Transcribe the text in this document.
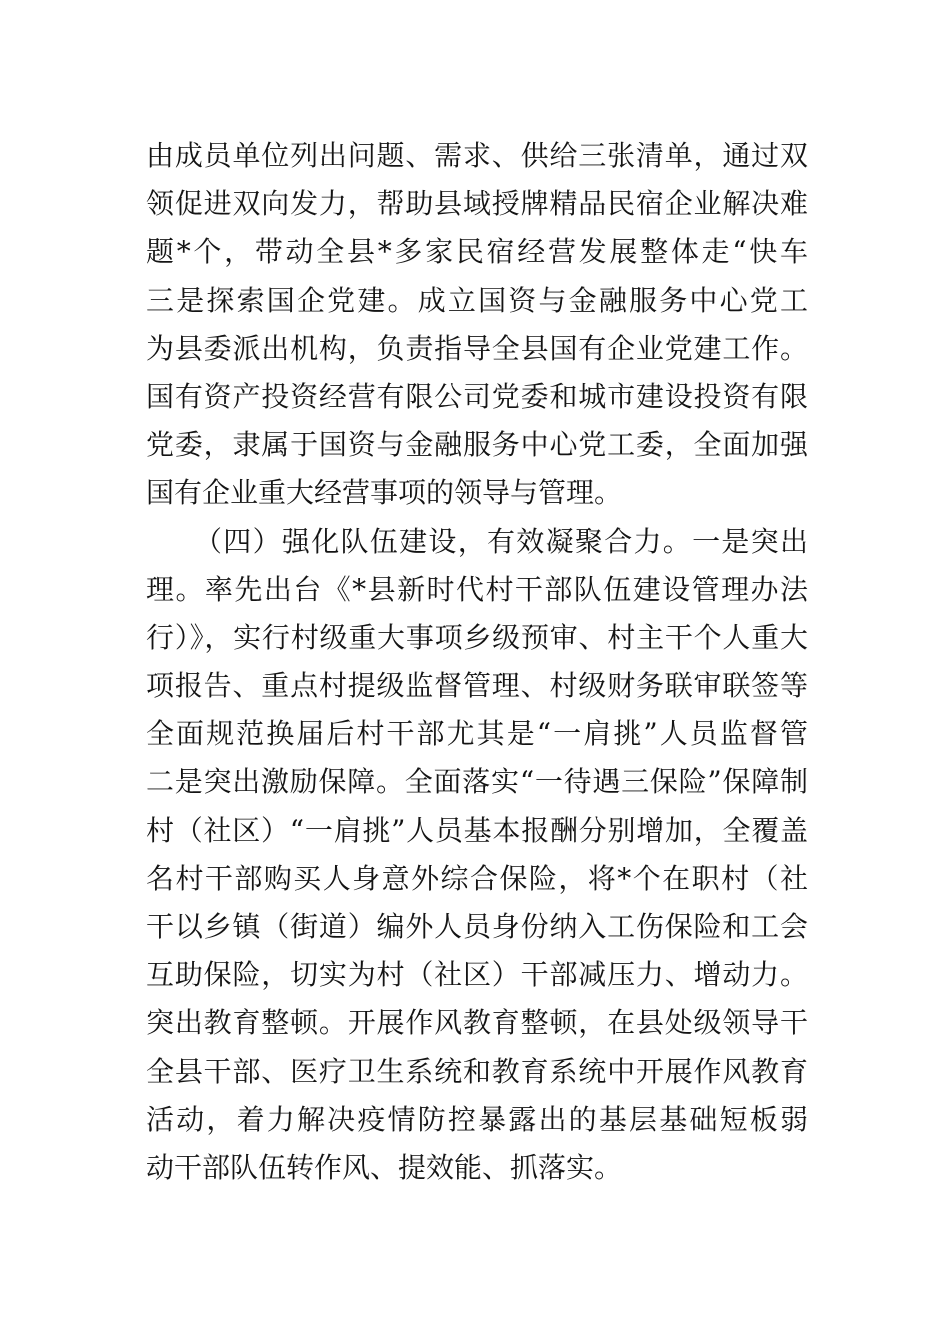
由成员单位列出问题、需求、供给三张清单，通过双
领促进双向发力，帮助县域授牌精品民宿企业解决难
题*个，带动全县*多家民宿经营发展整体走“快车
三是探索国企党建。成立国资与金融服务中心党工
为县委派出机构，负责指导全县国有企业党建工作。
国有资产投资经营有限公司党委和城市建设投资有限
党委，隶属于国资与金融服务中心党工委，全面加强
国有企业重大经营事项的领导与管理。
（四）强化队伍建设，有效凝聚合力。一是突出
理。率先出台《*县新时代村干部队伍建设管理办法
行）》，实行村级重大事项乡级预审、村主干个人重大
项报告、重点村提级监督管理、村级财务联审联签等
全面规范换届后村干部尤其是“一肩挑”人员监督管
二是突出激励保障。全面落实“一待遇三保险”保障制
村（社区）“一肩挑”人员基本报酬分别增加，全覆盖
名村干部购买人身意外综合保险，将*个在职村（社
干以乡镇（街道）编外人员身份纳入工伤保险和工会
互助保险，切实为村（社区）干部减压力、增动力。
突出教育整顿。开展作风教育整顿，在县处级领导干
全县干部、医疗卫生系统和教育系统中开展作风教育
活动，着力解决疫情防控暴露出的基层基础短板弱
动干部队伍转作风、提效能、抓落实。
